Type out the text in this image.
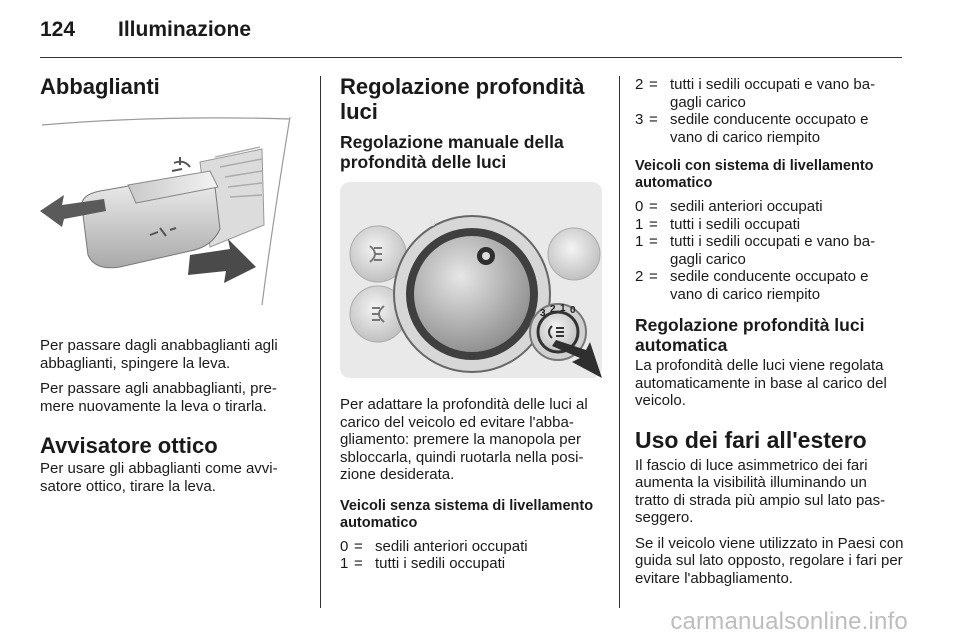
124 Illuminazione
Abbaglianti

Per passare dagli anabbaglianti agli abbaglianti, spingere la leva.

Per passare agli anabbaglianti, pre-mere nuovamente la leva o tirarla.

Avvisatore ottico

Per usare gli abbaglianti come avvi-satore ottico, tirare la leva.

Regolazione profondità luci
Regolazione manuale della profondità delle luci
0
3 2 1 0

Per adattare la profondità delle luci al carico del veicolo ed evitare l'abba-gliamento: premere la manopola per sbloccarla, quindi ruotarla nella posi-zione desiderata.

Veicoli senza sistema di livellamento automatico
0 = sedili anteriori occupati
1 = tutti i sedili occupati
2 = tutti i sedili occupati e vano ba-gagli carico
3 = sedile conducente occupato e vano di carico riempito
Veicoli con sistema di livellamento automatico
0 = sedili anteriori occupati
1 = tutti i sedili occupati
1 = tutti i sedili occupati e vano ba-gagli carico
2 = sedile conducente occupato e vano di carico riempito
Regolazione profondità luci automatica

La profondità delle luci viene regolata automaticamente in base al carico del veicolo.

Uso dei fari all'estero

Il fascio di luce asimmetrico dei fari aumenta la visibilità illuminando un tratto di strada più ampio sul lato pas-seggero.

Se il veicolo viene utilizzato in Paesi con guida sul lato opposto, regolare i fari per evitare l'abbagliamento.

carmanualsonline.info
